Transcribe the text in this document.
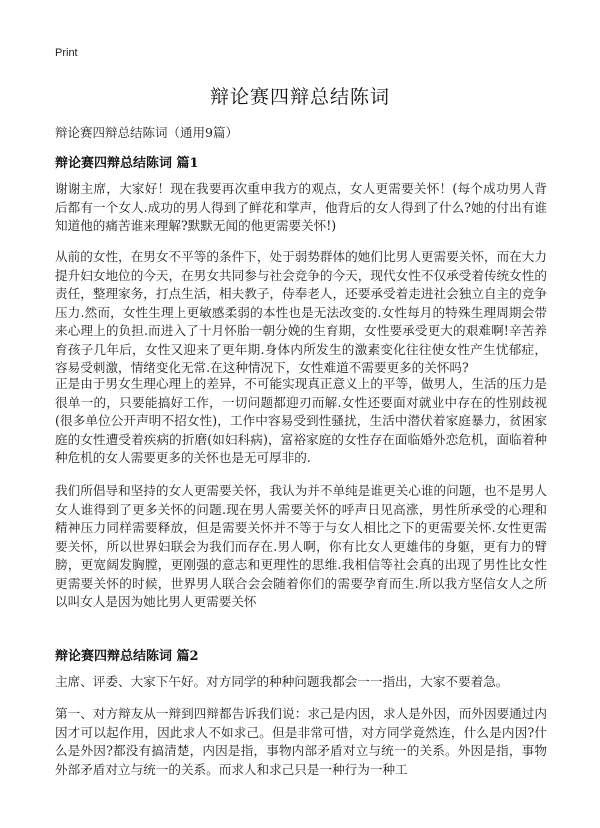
Print
辩论赛四辩总结陈词
辩论赛四辩总结陈词（通用9篇）
辩论赛四辩总结陈词 篇1
谢谢主席，大家好！现在我要再次重申我方的观点，女人更需要关怀！(每个成功男人背后都有一个女人.成功的男人得到了鲜花和掌声，他背后的女人得到了什么?她的付出有谁知道他的痛苦谁来理解?默默无闻的他更需要关怀!)
从前的女性，在男女不平等的条件下，处于弱势群体的她们比男人更需要关怀，而在大力提升妇女地位的今天，在男女共同参与社会竞争的今天，现代女性不仅承受着传统女性的责任，整理家务，打点生活，相夫教子，侍奉老人，还要承受着走进社会独立自主的竞争压力.然而，女性生理上更敏感柔弱的本性也是无法改变的.女性每月的特殊生理周期会带来心理上的负担.而进入了十月怀胎一朝分娩的生育期，女性要承受更大的艰难啊!辛苦养育孩子几年后，女性又迎来了更年期.身体内所发生的激素变化往往使女性产生忧郁症，容易受刺激，情绪变化无常.在这种情况下，女性难道不需要更多的关怀吗?
正是由于男女生理心理上的差异，不可能实现真正意义上的平等，做男人，生活的压力是很单一的，只要能搞好工作，一切问题都迎刃而解.女性还要面对就业中存在的性别歧视(很多单位公开声明不招女性)，工作中容易受到性骚扰，生活中潜伏着家庭暴力，贫困家庭的女性遭受着疾病的折磨(如妇科病)，富裕家庭的女性存在面临婚外恋危机，面临着种种危机的女人需要更多的关怀也是无可厚非的.
我们所倡导和坚持的女人更需要关怀，我认为并不单纯是谁更关心谁的问题，也不是男人女人谁得到了更多关怀的问题.现在男人需要关怀的呼声日见高涨，男性所承受的心理和精神压力同样需要释放，但是需要关怀并不等于与女人相比之下的更需要关怀.女性更需要关怀，所以世界妇联会为我们而存在.男人啊，你有比女人更雄伟的身躯，更有力的臂膀，更宽阔发胸膛，更刚强的意志和更理性的思维.我相信等社会真的出现了男性比女性更需要关怀的时候，世界男人联合会会随着你们的需要孕育而生.所以我方坚信女人之所以叫女人是因为她比男人更需要关怀
辩论赛四辩总结陈词 篇2
主席、评委、大家下午好。对方同学的种种问题我都会一一指出，大家不要着急。
第一、对方辩友从一辩到四辩都告诉我们说：求己是内因，求人是外因，而外因要通过内因才可以起作用，因此求人不如求己。但是非常可惜，对方同学竟然连，什么是内因?什么是外因?都没有搞清楚，内因是指，事物内部矛盾对立与统一的关系。外因是指，事物外部矛盾对立与统一的关系。而求人和求己只是一种行为一种工
